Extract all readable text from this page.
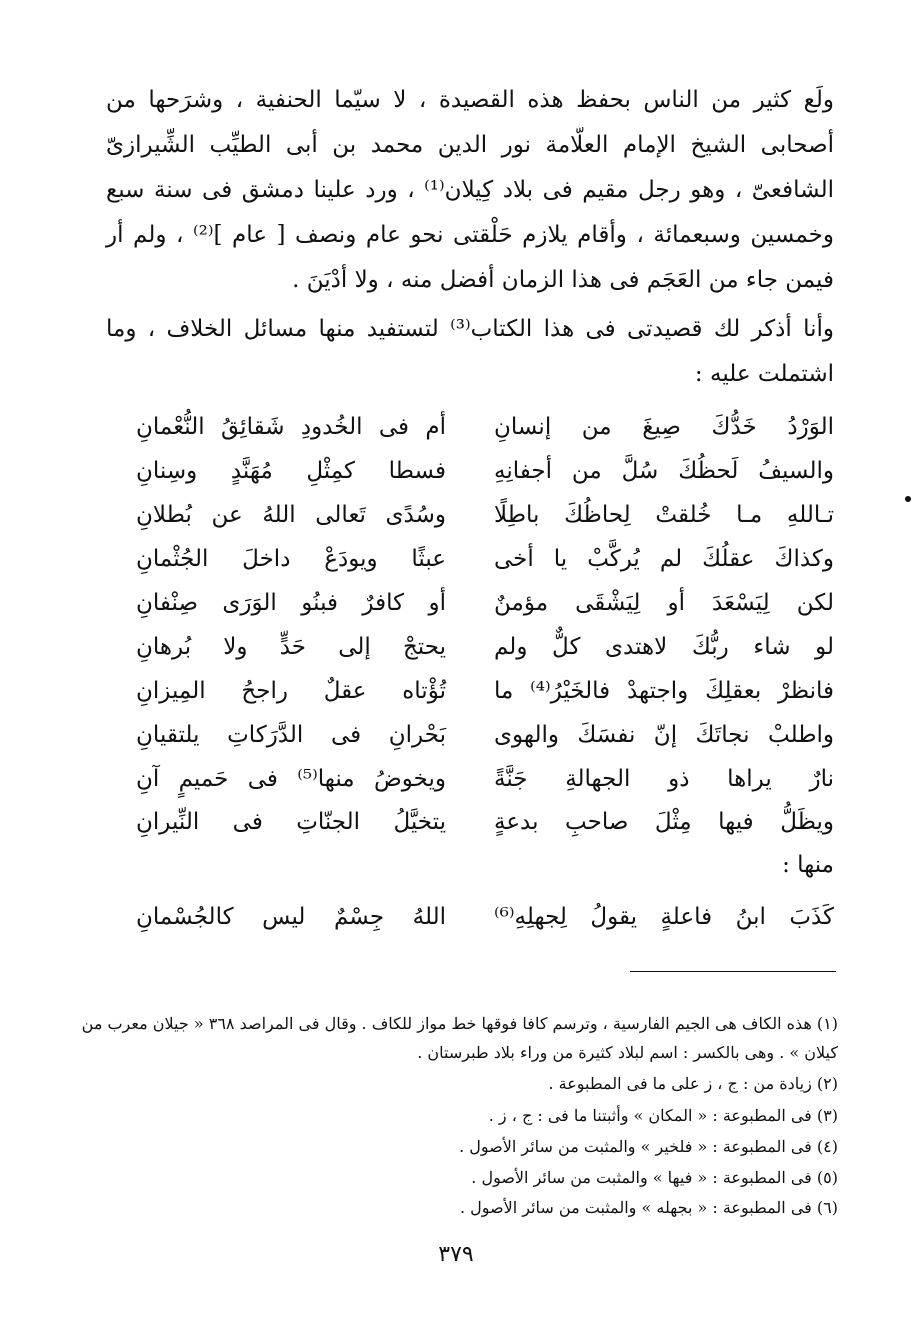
ولَع كثير من الناس بحفظ هذه القصيدة ، لا سيّما الحنفية ، وشرَحها من أصحابى الشيخ الإمام العلّامة نور الدين محمد بن أبى الطيِّب الشِّيرازىّ الشافعىّ ، وهو رجل مقيم فى بلاد كِيلان⁽¹⁾ ، ورد علينا دمشق فى سنة سبع وخمسين وسبعمائة ، وأقام يلازم حَلْقتى نحو عام ونصف [ عام ]⁽²⁾ ، ولم أر فيمن جاء من العَجَم فى هذا الزمان أفضل منه ، ولا أدْيَنَ .
وأنا أذكر لك قصيدتى فى هذا الكتاب⁽³⁾ لتستفيد منها مسائل الخلاف ، وما اشتملت عليه :
الوَرْدُ خَدُّكَ صِيغَ من إنسانِ
أم فى الخُدودِ شَقائِقُ النُّعْمانِ
والسيفُ لَحظُكَ سُلَّ من أجفانِهِ
فسطا كمِثْلِ مُهَنَّدٍ وسِنانِ
تـاللهِ مـا خُلقتْ لِحاظُكَ باطِلًا
وسُدًى تَعالى اللهُ عن بُطلانِ
وكذاكَ عقلُكَ لم يُركَّبْ يا أخى
عبثًا ويودَعْ داخلَ الجُثْمانِ
لكن لِيَسْعَدَ أو لِيَشْقَى مؤمنٌ
أو كافرٌ فبنُو الوَرَى صِنْفانِ
لو شاء ربُّكَ لاهتدى كلٌّ ولم
يحتجْ إلى حَدٍّ ولا بُرهانِ
فانظرْ بعقلِكَ واجتهدْ فالخَيْرُ⁽⁴⁾ ما
تُؤْتاه عقلٌ راجحُ المِيزانِ
واطلبْ نجاتَكَ إنّ نفسَكَ والهوى
بَحْرانِ فى الدَّرَكاتِ يلتقيانِ
نارٌ يراها ذو الجهالةِ جَنَّةً
ويخوضُ منها⁽⁵⁾ فى حَميمٍ آنِ
ويظَلُّ فيها مِثْلَ صاحبِ بدعةٍ
يتخيَّلُ الجنّاتِ فى النِّيرانِ
منها :
كَذَبَ ابنُ فاعلةٍ يقولُ لِجهلِهِ⁽⁶⁾
اللهُ جِسْمٌ ليس كالجُسْمانِ
(١) هذه الكاف هى الجيم الفارسية ، وترسم كافا فوقها خط مواز للكاف . وقال فى المراصد ٣٦٨ « جيلان معرب من كيلان » . وهى بالكسر : اسم لبلاد كثيرة من وراء بلاد طبرستان .
(٢) زيادة من : ج ، ز على ما فى المطبوعة .
(٣) فى المطبوعة : « المكان » وأثبتنا ما فى : ج ، ز .
(٤) فى المطبوعة : « فلخير » والمثبت من سائر الأصول .
(٥) فى المطبوعة : « فيها » والمثبت من سائر الأصول .
(٦) فى المطبوعة : « بجهله » والمثبت من سائر الأصول .
٣٧٩
